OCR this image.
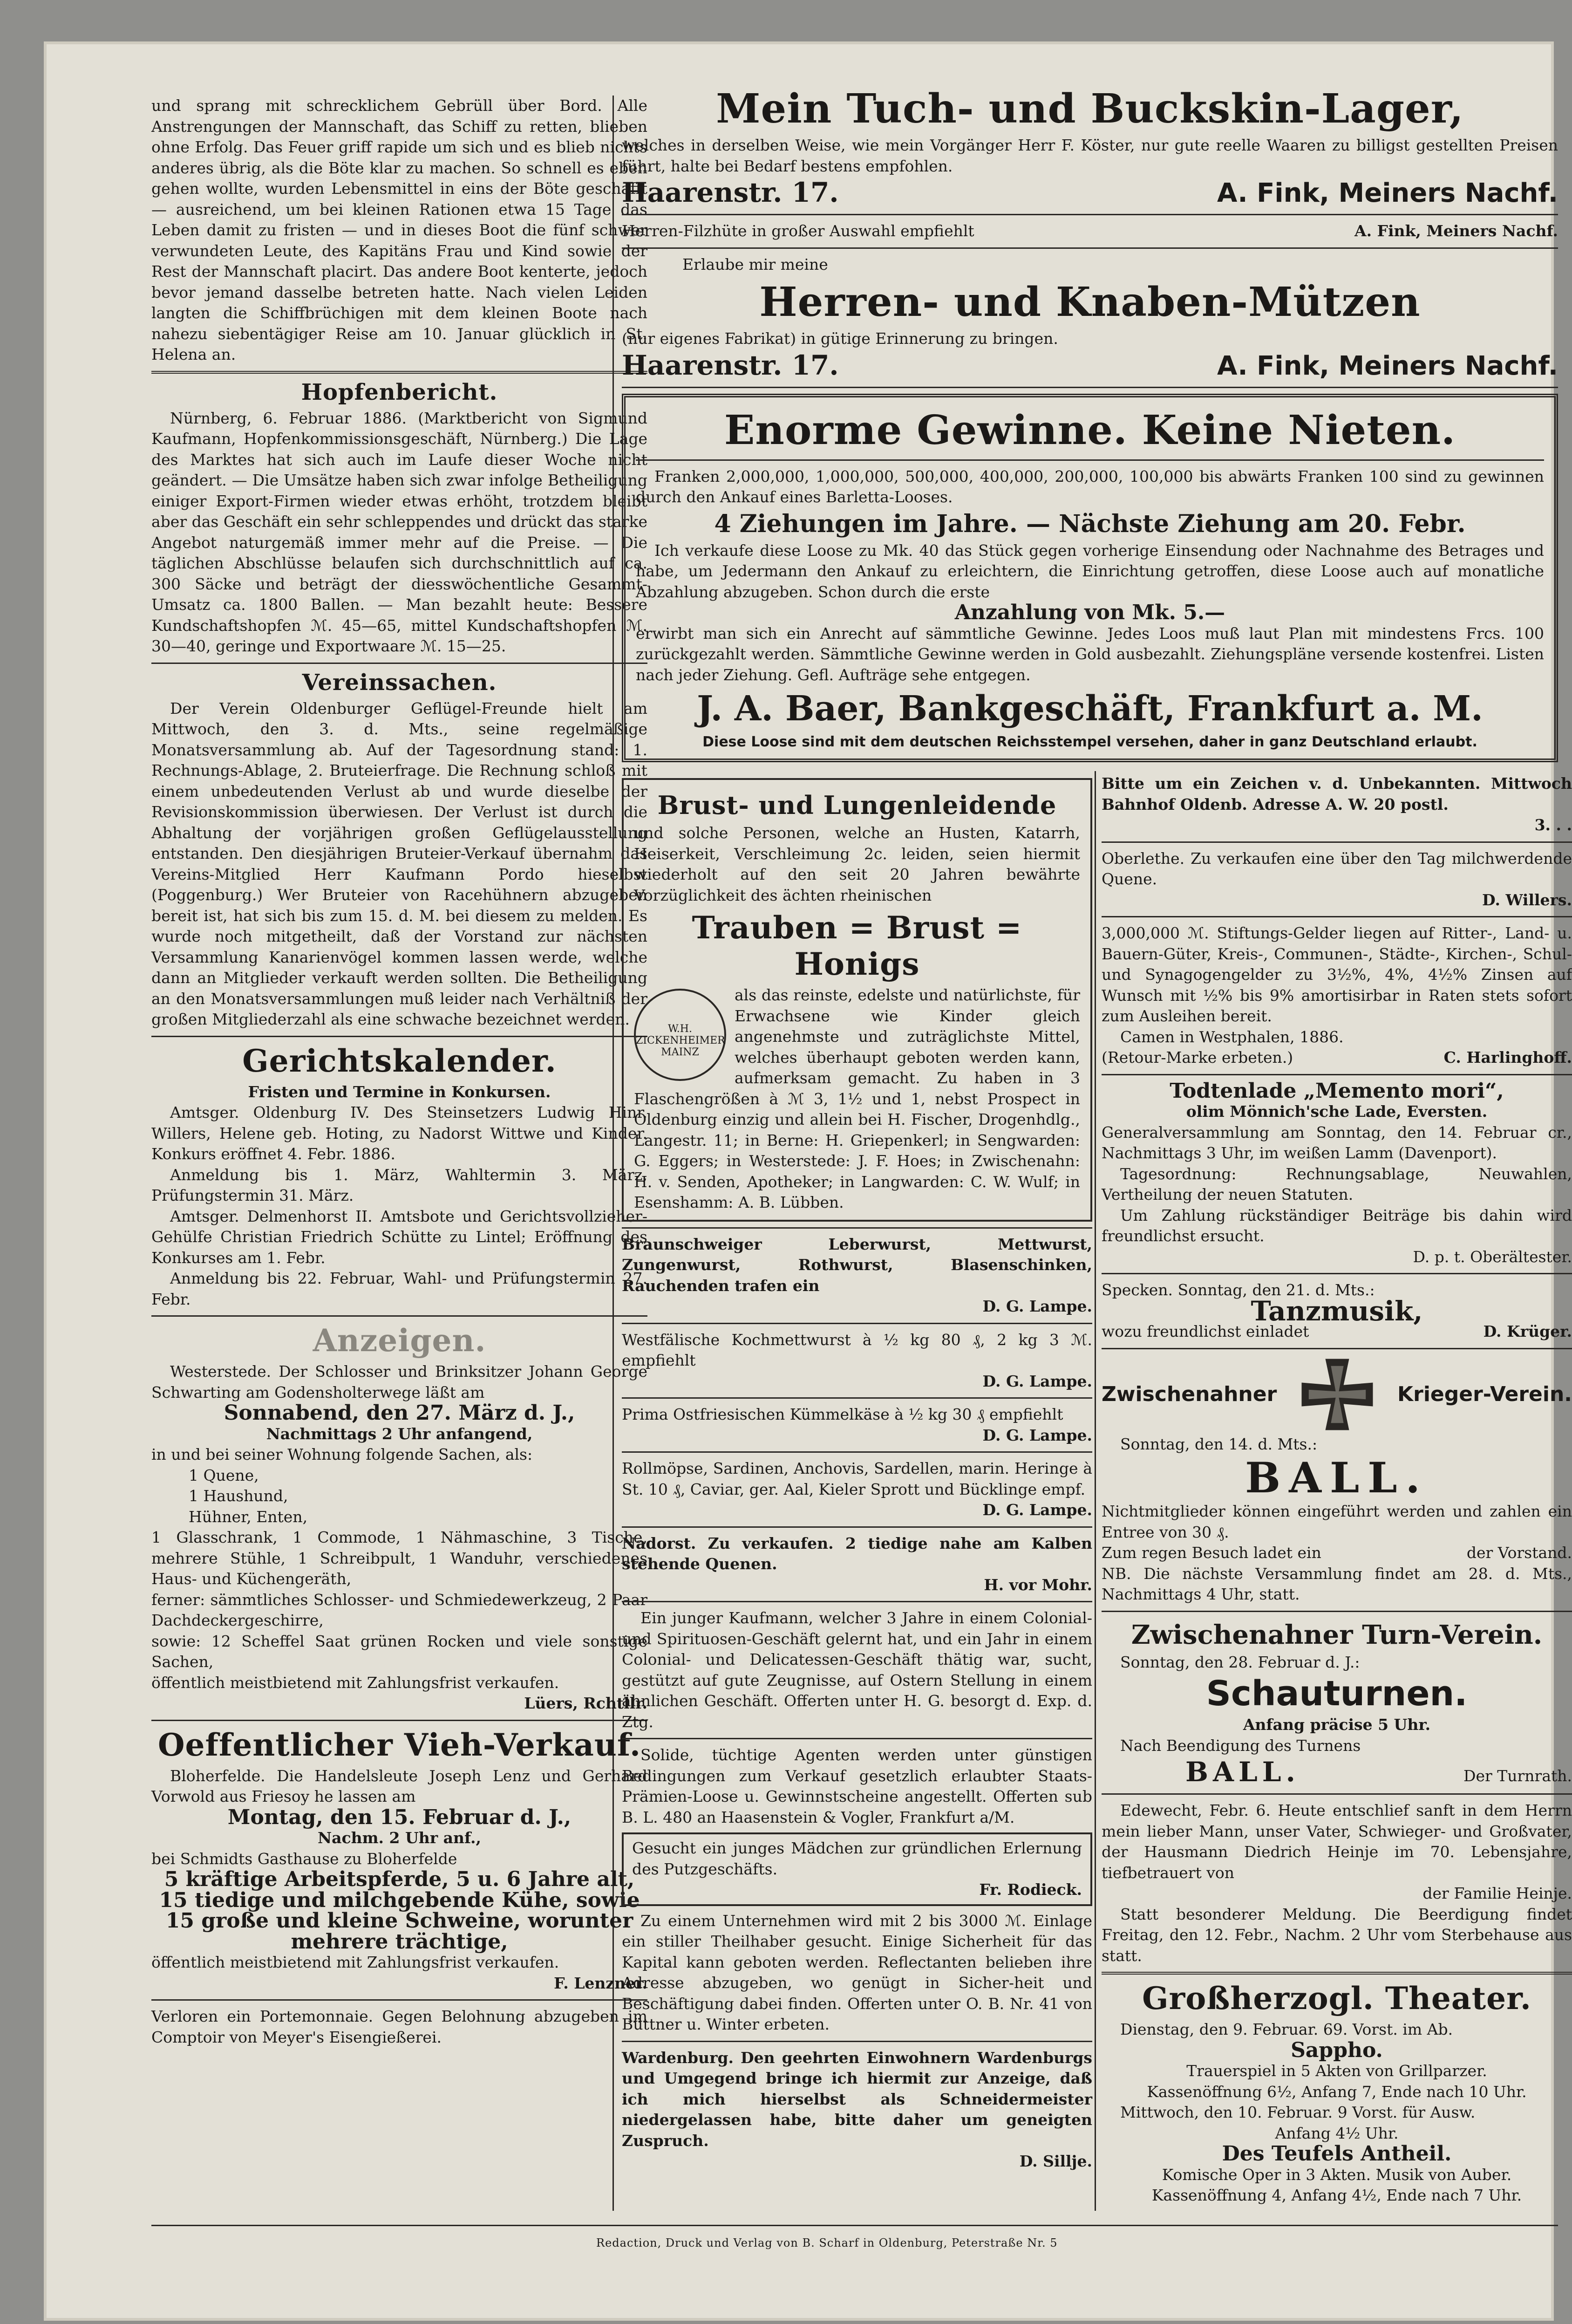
und sprang mit schrecklichem Gebrüll über Bord. Alle Anstrengungen der Mannschaft, das Schiff zu retten, blieben ohne Erfolg. Das Feuer griff rapide um sich und es blieb nichts anderes übrig, als die Böte klar zu machen. So schnell es eben gehen wollte, wurden Lebensmittel in eins der Böte geschafft — ausreichend, um bei kleinen Rationen etwa 15 Tage das Leben damit zu fristen — und in dieses Boot die fünf schwer verwundeten Leute, des Kapitäns Frau und Kind sowie der Rest der Mannschaft placirt. Das andere Boot kenterte, jedoch bevor jemand dasselbe betreten hatte. Nach vielen Leiden langten die Schiffbrüchigen mit dem kleinen Boote nach nahezu siebentägiger Reise am 10. Januar glücklich in St. Helena an.

Hopfenbericht.

Nürnberg, 6. Februar 1886. (Marktbericht von Sigmund Kaufmann, Hopfenkommissionsgeschäft, Nürnberg.) Die Lage des Marktes hat sich auch im Laufe dieser Woche nicht geändert. — Die Umsätze haben sich zwar infolge Betheiligung einiger Export-Firmen wieder etwas erhöht, trotzdem bleibt aber das Geschäft ein sehr schleppendes und drückt das starke Angebot naturgemäß immer mehr auf die Preise. — Die täglichen Abschlüsse belaufen sich durchschnittlich auf ca. 300 Säcke und beträgt der diesswöchentliche Gesammt-Umsatz ca. 1800 Ballen. — Man bezahlt heute: Bessere Kundschaftshopfen ℳ. 45—65, mittel Kundschaftshopfen ℳ. 30—40, geringe und Exportwaare ℳ. 15—25.

Vereinssachen.

Der Verein Oldenburger Geflügel-Freunde hielt am Mittwoch, den 3. d. Mts., seine regelmäßige Monatsversammlung ab. Auf der Tagesordnung stand: 1. Rechnungs-Ablage, 2. Bruteierfrage. Die Rechnung schloß mit einem unbedeutenden Verlust ab und wurde dieselbe der Revisionskommission überwiesen. Der Verlust ist durch die Abhaltung der vorjährigen großen Geflügelausstellung entstanden. Den diesjährigen Bruteier-Verkauf übernahm das Vereins-Mitglied Herr Kaufmann Pordo hieselbst (Poggenburg.) Wer Bruteier von Racehühnern abzugeben bereit ist, hat sich bis zum 15. d. M. bei diesem zu melden. Es wurde noch mitgetheilt, daß der Vorstand zur nächsten Versammlung Kanarienvögel kommen lassen werde, welche dann an Mitglieder verkauft werden sollten. Die Betheiligung an den Monatsversammlungen muß leider nach Verhältniß der großen Mitgliederzahl als eine schwache bezeichnet werden.

Gerichtskalender.
Fristen und Termine in Konkursen.

Amtsger. Oldenburg IV. Des Steinsetzers Ludwig Hinr. Willers, Helene geb. Hoting, zu Nadorst Wittwe und Kinder. Konkurs eröffnet 4. Febr. 1886.

Anmeldung bis 1. März, Wahltermin 3. März, Prüfungstermin 31. März.

Amtsger. Delmenhorst II. Amtsbote und Gerichtsvollzieher-Gehülfe Christian Friedrich Schütte zu Lintel; Eröffnung des Konkurses am 1. Febr.

Anmeldung bis 22. Februar, Wahl- und Prüfungstermin 27. Febr.

Anzeigen.

Westerstede. Der Schlosser und Brinksitzer Johann George Schwarting am Godensholterwege läßt am

Sonnabend, den 27. März d. J.,
Nachmittags 2 Uhr anfangend,

in und bei seiner Wohnung folgende Sachen, als:

1 Quene,

1 Haushund,

Hühner, Enten,

1 Glasschrank, 1 Commode, 1 Nähmaschine, 3 Tische, mehrere Stühle, 1 Schreibpult, 1 Wanduhr, verschiedenes Haus- und Küchengeräth,

ferner: sämmtliches Schlosser- und Schmiedewerkzeug, 2 Paar Dachdeckergeschirre,

sowie: 12 Scheffel Saat grünen Rocken und viele sonstige Sachen,

öffentlich meistbietend mit Zahlungsfrist verkaufen.

Lüers, Rchtllr.
Oeffentlicher Vieh-Verkauf.

Bloherfelde. Die Handelsleute Joseph Lenz und Gerhard Vorwold aus Friesoy he lassen am

Montag, den 15. Februar d. J.,
Nachm. 2 Uhr anf.,

bei Schmidts Gasthause zu Bloherfelde

5 kräftige Arbeitspferde, 5 u. 6 Jahre alt,

15 tiedige und milchgebende Kühe, sowie 15 große und kleine Schweine, worunter mehrere trächtige,

öffentlich meistbietend mit Zahlungsfrist verkaufen.

F. Lenzner.

Verloren ein Portemonnaie. Gegen Belohnung abzugeben im Comptoir von Meyer's Eisengießerei.

Mein Tuch- und Buckskin-Lager,

welches in derselben Weise, wie mein Vorgänger Herr F. Köster, nur gute reelle Waaren zu billigst gestellten Preisen führt, halte bei Bedarf bestens empfohlen.

Haarenstr. 17.	A. Fink, Meiners Nachf.
Herren-Filzhüte in großer Auswahl empfiehlt	A. Fink, Meiners Nachf.
Erlaube mir meine
Herren- und Knaben-Mützen

(nur eigenes Fabrikat) in gütige Erinnerung zu bringen.

Haarenstr. 17.	A. Fink, Meiners Nachf.
Enorme Gewinne. Keine Nieten.

Franken 2,000,000, 1,000,000, 500,000, 400,000, 200,000, 100,000 bis abwärts Franken 100 sind zu gewinnen durch den Ankauf eines Barletta-Looses.

4 Ziehungen im Jahre. — Nächste Ziehung am 20. Febr.

Ich verkaufe diese Loose zu Mk. 40 das Stück gegen vorherige Einsendung oder Nachnahme des Betrages und habe, um Jedermann den Ankauf zu erleichtern, die Einrichtung getroffen, diese Loose auch auf monatliche Abzahlung abzugeben. Schon durch die erste

Anzahlung von Mk. 5.—

erwirbt man sich ein Anrecht auf sämmtliche Gewinne. Jedes Loos muß laut Plan mit mindestens Frcs. 100 zurückgezahlt werden. Sämmtliche Gewinne werden in Gold ausbezahlt. Ziehungspläne versende kostenfrei. Listen nach jeder Ziehung. Gefl. Aufträge sehe entgegen.

J. A. Baer, Bankgeschäft, Frankfurt a. M.
Diese Loose sind mit dem deutschen Reichsstempel versehen, daher in ganz Deutschland erlaubt.
Brust- und Lungenleidende

und solche Personen, welche an Husten, Katarrh, Heiserkeit, Verschleimung 2c. leiden, seien hiermit wiederholt auf den seit 20 Jahren bewährte Vorzüglichkeit des ächten rheinischen

Trauben = Brust = Honigs
W.H. ZICKENHEIMER MAINZ

als das reinste, edelste und natürlichste, für Erwachsene wie Kinder gleich angenehmste und zuträglichste Mittel, welches überhaupt geboten werden kann, aufmerksam gemacht. Zu haben in 3 Flaschengrößen à ℳ 3, 1½ und 1, nebst Prospect in Oldenburg einzig und allein bei H. Fischer, Drogenhdlg., Langestr. 11; in Berne: H. Griepenkerl; in Sengwarden: G. Eggers; in Westerstede: J. F. Hoes; in Zwischenahn: H. v. Senden, Apotheker; in Langwarden: C. W. Wulf; in Esenshamm: A. B. Lübben.

Braunschweiger Leberwurst, Mettwurst, Zungenwurst, Rothwurst, Blasenschinken, Rauchenden trafen ein

D. G. Lampe.

Westfälische Kochmettwurst à ½ kg 80 ₰, 2 kg 3 ℳ. empfiehlt

D. G. Lampe.

Prima Ostfriesischen Kümmelkäse à ½ kg 30 ₰ empfiehlt

D. G. Lampe.

Rollmöpse, Sardinen, Anchovis, Sardellen, marin. Heringe à St. 10 ₰, Caviar, ger. Aal, Kieler Sprott und Bücklinge empf.

D. G. Lampe.

Nadorst. Zu verkaufen. 2 tiedige nahe am Kalben stehende Quenen.

H. vor Mohr.

Ein junger Kaufmann, welcher 3 Jahre in einem Colonial- und Spirituosen-Geschäft gelernt hat, und ein Jahr in einem Colonial- und Delicatessen-Geschäft thätig war, sucht, gestützt auf gute Zeugnisse, auf Ostern Stellung in einem ähnlichen Geschäft. Offerten unter H. G. besorgt d. Exp. d. Ztg.

Solide, tüchtige Agenten werden unter günstigen Bedingungen zum Verkauf gesetzlich erlaubter Staats-Prämien-Loose u. Gewinnstscheine angestellt. Offerten sub B. L. 480 an Haasenstein & Vogler, Frankfurt a/M.

Gesucht ein junges Mädchen zur gründlichen Erlernung des Putzgeschäfts.

Fr. Rodieck.

Zu einem Unternehmen wird mit 2 bis 3000 ℳ. Einlage ein stiller Theilhaber gesucht. Einige Sicherheit für das Kapital kann geboten werden. Reflectanten belieben ihre Adresse abzugeben, wo genügt in Sicher-heit und Beschäftigung dabei finden. Offerten unter O. B. Nr. 41 von Büttner u. Winter erbeten.

Wardenburg. Den geehrten Einwohnern Wardenburgs und Umgegend bringe ich hiermit zur Anzeige, daß ich mich hierselbst als Schneidermeister niedergelassen habe, bitte daher um geneigten Zuspruch.

D. Sillje.

Bitte um ein Zeichen v. d. Unbekannten. Mittwoch Bahnhof Oldenb. Adresse A. W. 20 postl.

3. . .

Oberlethe. Zu verkaufen eine über den Tag milchwerdende Quene.

D. Willers.

3,000,000 ℳ. Stiftungs-Gelder liegen auf Ritter-, Land- u. Bauern-Güter, Kreis-, Communen-, Städte-, Kirchen-, Schul- und Synagogengelder zu 3½%, 4%, 4½% Zinsen auf Wunsch mit ½% bis 9% amortisirbar in Raten stets sofort zum Ausleihen bereit.

Camen in Westphalen, 1886.

(Retour-Marke erbeten.)	C. Harlinghoff.
Todtenlade „Memento mori“,
olim Mönnich'sche Lade, Eversten.

Generalversammlung am Sonntag, den 14. Februar cr., Nachmittags 3 Uhr, im weißen Lamm (Davenport).

Tagesordnung: Rechnungsablage, Neuwahlen, Vertheilung der neuen Statuten.

Um Zahlung rückständiger Beiträge bis dahin wird freundlichst ersucht.

D. p. t. Oberältester.

Specken. Sonntag, den 21. d. Mts.:

Tanzmusik,
wozu freundlichst einladet	D. Krüger.
Zwischenahner	Krieger-Verein.

Sonntag, den 14. d. Mts.:

BALL.

Nichtmitglieder können eingeführt werden und zahlen ein Entree von 30 ₰.

Zum regen Besuch ladet ein	der Vorstand.

NB. Die nächste Versammlung findet am 28. d. Mts., Nachmittags 4 Uhr, statt.

Zwischenahner Turn-Verein.

Sonntag, den 28. Februar d. J.:

Schauturnen.
Anfang präcise 5 Uhr.

Nach Beendigung des Turnens

BALL.	Der Turnrath.

Edewecht, Febr. 6. Heute entschlief sanft in dem Herrn mein lieber Mann, unser Vater, Schwieger- und Großvater, der Hausmann Diedrich Heinje im 70. Lebensjahre, tiefbetrauert von

der Familie Heinje.

Statt besonderer Meldung. Die Beerdigung findet Freitag, den 12. Febr., Nachm. 2 Uhr vom Sterbehause aus statt.

Großherzogl. Theater.

Dienstag, den 9. Februar. 69. Vorst. im Ab.

Sappho.
Trauerspiel in 5 Akten von Grillparzer.
Kassenöffnung 6½, Anfang 7, Ende nach 10 Uhr.

Mittwoch, den 10. Februar. 9 Vorst. für Ausw.

Anfang 4½ Uhr.
Des Teufels Antheil.
Komische Oper in 3 Akten. Musik von Auber.
Kassenöffnung 4, Anfang 4½, Ende nach 7 Uhr.
Redaction, Druck und Verlag von B. Scharf in Oldenburg, Peterstraße Nr. 5
